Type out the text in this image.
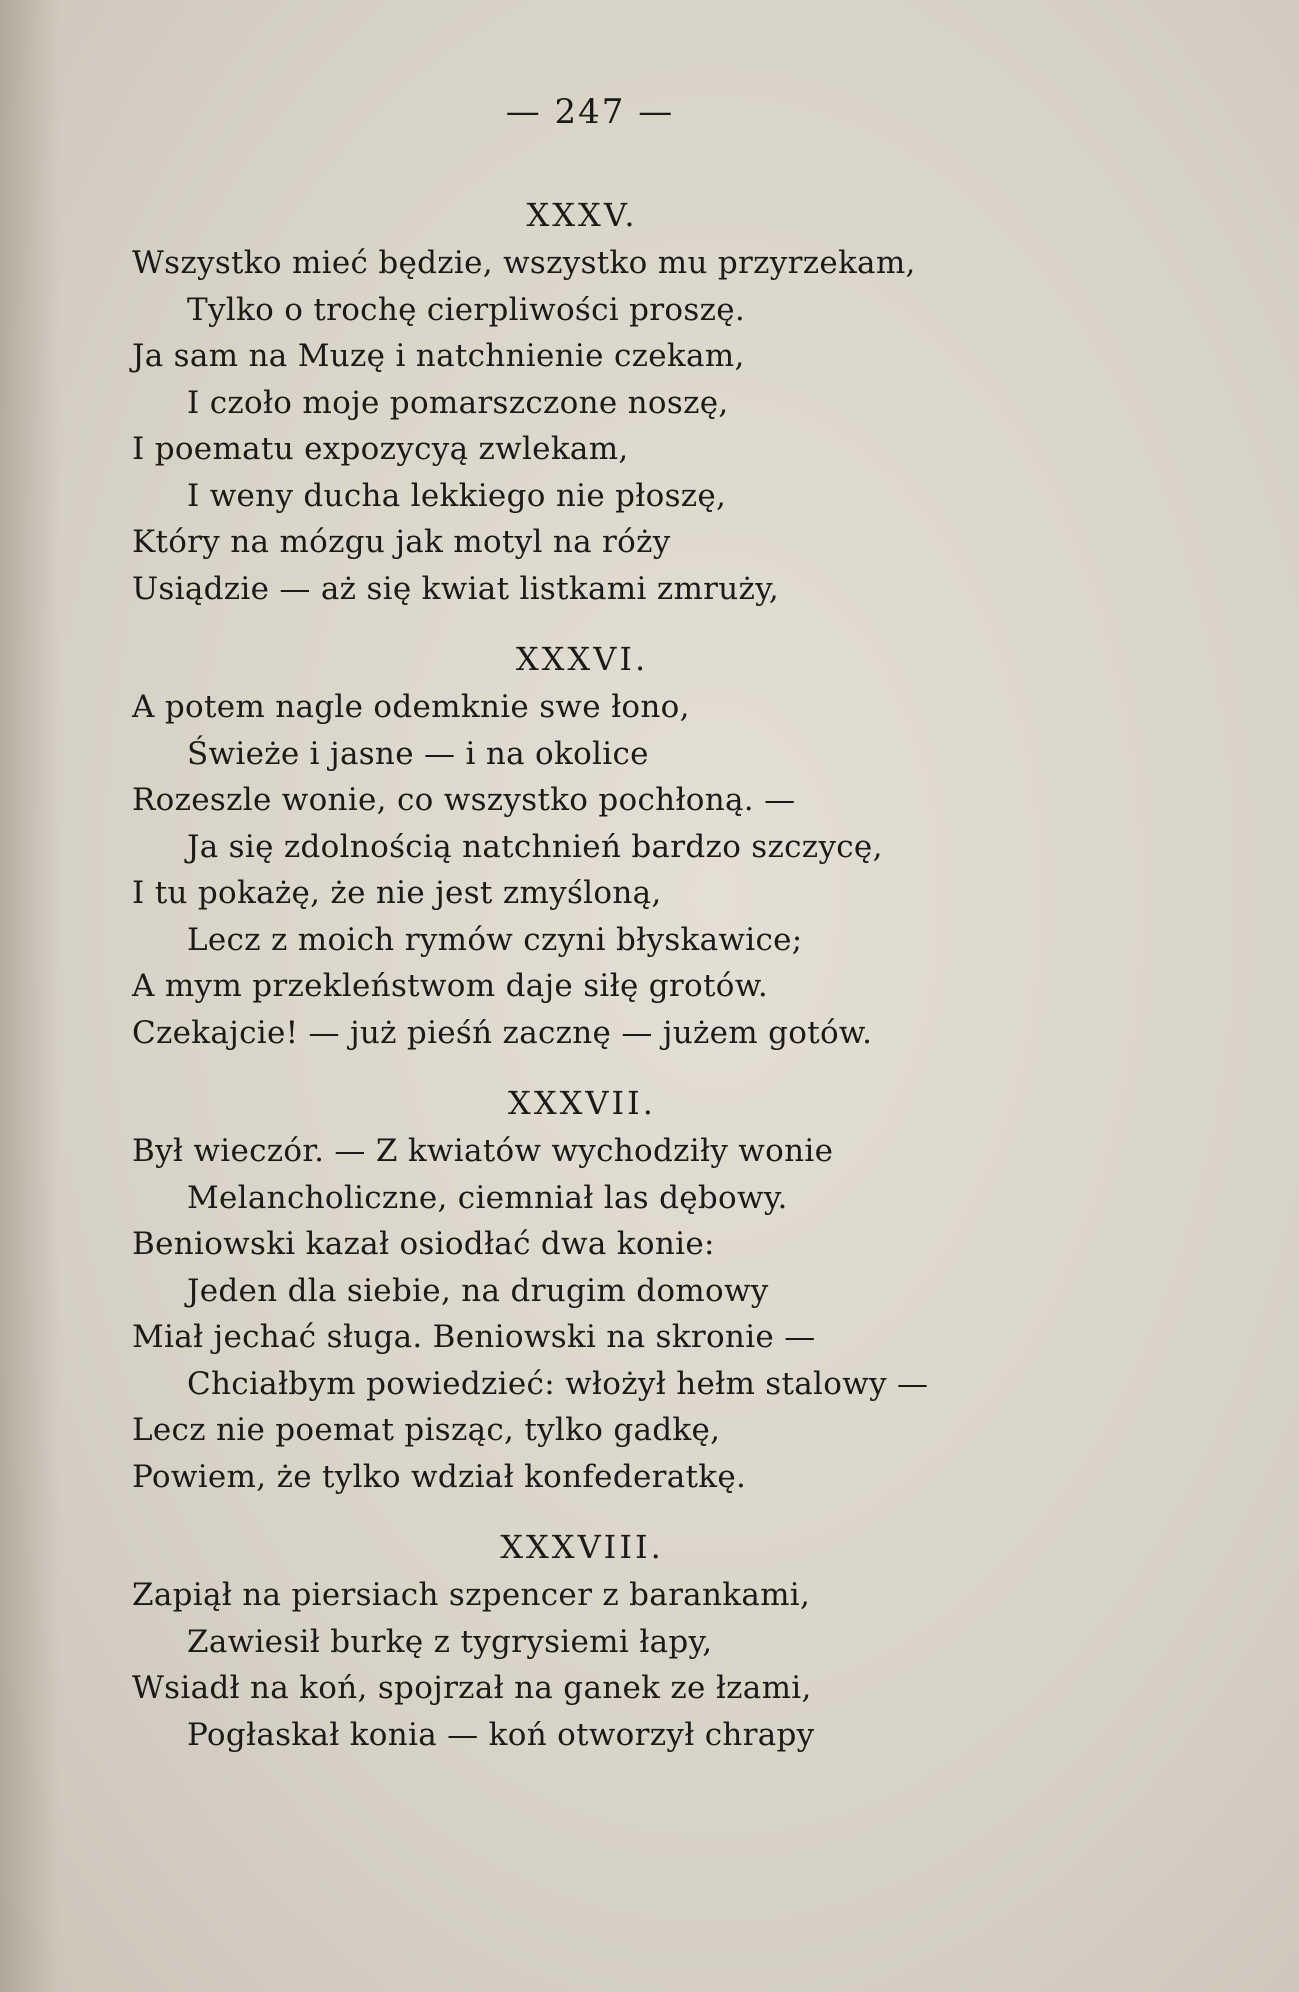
— 247 —
XXXV.
Wszystko mieć będzie, wszystko mu przyrzekam,
Tylko o trochę cierpliwości proszę.
Ja sam na Muzę i natchnienie czekam,
I czoło moje pomarszczone noszę,
I poematu expozycyą zwlekam,
I weny ducha lekkiego nie płoszę,
Który na mózgu jak motyl na róży
Usiądzie — aż się kwiat listkami zmruży,
XXXVI.
A potem nagle odemknie swe łono,
Świeże i jasne — i na okolice
Rozeszle wonie, co wszystko pochłoną. —
Ja się zdolnością natchnień bardzo szczycę,
I tu pokażę, że nie jest zmyśloną,
Lecz z moich rymów czyni błyskawice;
A mym przekleństwom daje siłę grotów.
Czekajcie! — już pieśń zacznę — jużem gotów.
XXXVII.
Był wieczór. — Z kwiatów wychodziły wonie
Melancholiczne, ciemniał las dębowy.
Beniowski kazał osiodłać dwa konie:
Jeden dla siebie, na drugim domowy
Miał jechać sługa. Beniowski na skronie —
Chciałbym powiedzieć: włożył hełm stalowy —
Lecz nie poemat pisząc, tylko gadkę,
Powiem, że tylko wdział konfederatkę.
XXXVIII.
Zapiął na piersiach szpencer z barankami,
Zawiesił burkę z tygrysiemi łapy,
Wsiadł na koń, spojrzał na ganek ze łzami,
Pogłaskał konia — koń otworzył chrapy
